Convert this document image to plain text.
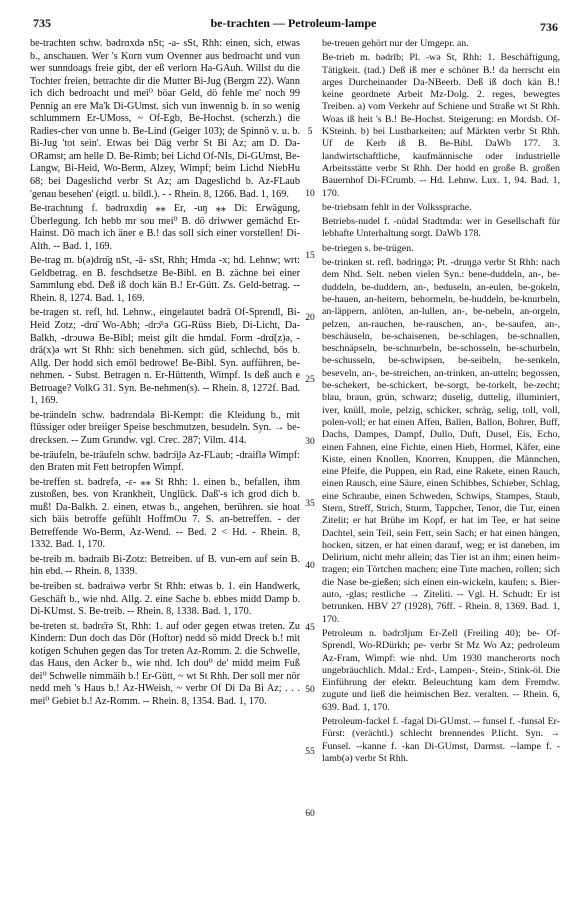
735	be-trachten — Petroleum-lampe	736
5
10
15
20
25
30
35
40
45
50
55
60
be-trachten schw. bədrɑxdə nSt; -a- sSt, Rhh: einen, sich, etwas b., anschauen. Wer 's Korn vum Ovenner aus bedroacht und vun wer sunndoags freie gibt, der eß verlorn Ha-GAuh. Willst du die Tochter freien, betrachte dir die Mutter Bi-Jug (Bergm 22). Wann ich dich bedroacht und mei⁰ böar Geld, dö fehle me' noch 99 Pennig an ere Ma'k Di-GUmst. sich vun inwennig b. in so wenig schlummern Er-UMoss, ~ Of-Egb, Be-Hochst. (scherzh.) die Radies-cher von unne b. Be-Lind (Geiger 103); de Spinnö v. u. b. Bi-Jug 'tot sein'. Etwas bei Däg verbr St Bi Az; am D. Da-ORamst; am helle D. Be-Rimb; bei Lichd Of-NIs, Di-GUmst, Be-Langw, Bi-Heid, Wo-Berm, Alzey, Wimpf; beim Lichd NiebHu 68; bei Dageslichd verbr St Az; am Dageslichd b. Az-FLaub 'genau besehen' (eigtl. u. bildl.). - - Rhein. 8, 1266. Bad. 1, 169.
Be-trachtung f. bədrɑxdiŋ ⁎⁎ Er, -uŋ ⁎⁎ Di: Erwägung, Überlegung. Ich hebb mr sou mei⁰ B. dö driwwer gemächd Er-Hainst. Dö mach ich äner e B.! das soll sich einer vorstellen! Di-Alth. -- Bad. 1, 169.
Be-trag m. b(ə)drɑ̄g nSt, -ā- sSt, Rhh; Hmda -x; hd. Lehnw; wrt: Geldbetrag. en B. feschdsetze Be-Bibl. en B. zächne bei einer Sammlung ebd. Deß iß doch kän B.! Er-Gütt. Zs. Geld-betrag. -- Rhein. 8, 1274. Bad. 1, 169.
be-tragen st. refl, hd. Lehnw., eingelautet bədrā Of-Sprendl, Bi-Heid Zotz; -drɑ̄ Wo-Abh; -drɔ̄ᵛə GG-Rüss Bieb, Di-Licht, Da-Balkh, -drɔuwə Be-Bibl; meist gilt die hmdal. Form -drɑ̄(z)ə, -drā(x)ə wrt St Rhh: sich benehmen. sich güd, schlechd, bös b. Allg. Der hodd sich emöl bedrowe! Be-Bibl. Syn. aufführen, be-nehmen. - Subst. Betragen n. Er-Hüttenth, Wimpf. Is deß auch e Betroage? VolkG 31. Syn. Be-nehmen(s). -- Rhein. 8, 1272f. Bad. 1, 169.
be-trändeln schw. bədrɛndələ Bi-Kempt: die Kleidung b., mit flüssiger oder breiiger Speise beschmutzen, besudeln. Syn. → be-drecksen. -- Zum Grundw. vgl. Crec. 287; Vilm. 414.
be-träufeln, be-träufeln schw. bədrɔ̄ɪ̯lə Az-FLaub; -draiflə Wimpf: den Braten mit Fett betropfen Wimpf.
be-treffen st. bədrefə, -ɛ- ⁎⁎ St Rhh: 1. einen b., befallen, ihm zustoßen, bes. von Krankheit, Unglück. Daß'-s ich grod dich b. muß! Da-Balkh. 2. einen, etwas b., angehen, berühren. sie hoat sich bäis betroffe gefühlt HoffmOu 7. S. an-betreffen. - der Betreffende Wo-Berm, Az-Wend. -- Bed. 2 < Hd. - Rhein. 8, 1332. Bad. 1, 170.
be-treib m. bədraib Bi-Zotz: Betreiben. uf B. vun-em auf sein B. hin ebd. -- Rhein. 8, 1339.
be-treiben st. bədraiwə verbr St Rhh: etwas b. 1. ein Handwerk, Geschäft b., wie nhd. Allg. 2. eine Sache b. ebbes midd Damp b. Di-KUmst. S. Be-treib. -- Rhein. 8, 1338. Bad. 1, 170.
be-treten st. bədrɛ̄rə St, Rhh: 1. auf oder gegen etwas treten. Zu Kindern: Dun doch das Dör (Hoftor) nedd sö midd Dreck b.! mit kotigen Schuhen gegen das Tor treten Az-Romm. 2. die Schwelle, das Haus, den Acker b., wie nhd. Ich dou⁰ de' midd meim Fuß dei⁰ Schwelle nimmäih b.! Er-Gütt, ~ wt St Rhh. Der soll mer nör nedd meh 's Haus b.! Az-HWeish, ~ verbr Of Di Da Bi Az; . . . mei⁰ Gebiet b.! Az-Romm. -- Rhein. 8, 1354. Bad. 1, 170.
be-treuen gehört nur der Umgepr. an.
Be-trieb m. bədrīb; Pl. -wə St, Rhh: 1. Beschäftigung, Tätigkeit. (tad.) Deß iß mer e schöner B.! da herrscht ein arges Durcheinander Da-NBeerb. Deß iß doch kän B.! keine geordnete Arbeit Mz-Dolg. 2. reges, bewegtes Treiben. a) vom Verkehr auf Schiene und Straße wt St Rhh. Woas iß heit 's B.! Be-Hochst. Steigerung: en Mordsb. Of-KSteinh. b) bei Lustbarkeiten; auf Märkten verbr St Rhh. Uf de Kerb iß B. Be-Bibl. DaWb 177. 3. landwirtschaftliche, kaufmännische oder industrielle Arbeitsstätte verbr St Rhh. Der hodd en große B. großen Bauernhof Di-FCrumb. -- Hd. Lehnw. Lux. 1, 94. Bad. 1, 170.
be-triebsam fehlt in der Volkssprache.
Betriebs-nudel f. -nüdəl Stadtmda: wer in Gesellschaft für lebhafte Unterhaltung sorgt. DaWb 178.
be-triegen s. be-trügen.
be-trinken st. refl. bədriŋgə; Pt. -druŋgə verbr St Rhh: nach dem Nhd. Selt. neben vielen Syn.: bene-duddeln, an-, be-duddeln, be-duddern, an-, beduseln, an-eulen, be-gokeln, be-hauen, an-heitern, behormeln, be-huddeln, be-knurbeln, an-läppern, anlöten, an-lullen, an-, be-nebeln, an-orgeln, pelzen, an-rauchen, be-rauschen, an-, be-saufen, an-, beschäuseln, be-schaisenen, be-schlagen, be-schnallen, beschnäpseln, be-schnurbeln, be-schosseln, be-schurbeln, be-schusseln, be-schwipsen, be-seibeln, be-senkeln, beseveln, an-, be-streichen, an-trinken, an-utteln; begossen, be-schekert, be-schickert, be-sorgt, be-torkelt, be-zecht; blau, braun, grün, schwarz; duselig, duttelig, illuminiert, iver, knüll, mole, pelzig, schicker, schräg, selig, toll, voll, polen-voll; er hat einen Affen, Ballen, Ballon, Bohrer, Buff, Dachs, Dampes, Dampf, Dullo, Duft, Dusel, Eis, Echo, einen Fahnen, eine Fichte, einen Hieb, Hormel, Käfer, eine Kiste, einen Knollen, Knorren, Knuppen, die Männchen, eine Pfeife, die Puppen, ein Rad, eine Rakete, einen Rauch, einen Rausch, eine Säure, einen Schibbes, Schieber, Schlag, eine Schraube, einen Schweden, Schwips, Stampes, Staub, Stern, Streff, Strich, Sturm, Tappcher, Tenor, die Tur, einen Zitelit; er hat Brühe im Kopf, er hat im Tee, er hat seine Dachtel, sein Teil, sein Fett, sein Sach; er hat einen hängen, hocken, sitzen, er hat einen darauf, weg; er ist daneben, im Delirium, nicht mehr allein; das Tier ist an ihm; einen heim-tragen; ein Törtchen machen; eine Tute machen, rollen; sich die Nase be-gießen; sich einen ein-wickeln, kaufen; s. Bier-auto, -glas; restliche → Ziteliti. -- Vgl. H. Schudt: Er ist betrunken. HBV 27 (1928), 76ff. - Rhein. 8, 1369. Bad. 1, 170.
Petroleum n. bədrɔ̄ljum Er-Zell (Freiling 40); be- Of-Sprendl, Wo-RDürkh; pe- verbr St Mz Wo Az; pedroleum Az-Fram, Wimpf: wie nhd. Um 1930 mancherorts noch ungebräuchlich. Mdal.: Erd-, Lampen-, Stein-, Stink-öl. Die Einführung der elektr. Beleuchtung kam dem Fremdw. zugute und ließ die heimischen Bez. veralten. -- Rhein. 6, 639. Bad. 1, 170.
Petroleum-fackel f. -fagəl Di-GUmst. -- funsel f. -funsəl Er-Fürst: (verächtl.) schlecht brennendes P.licht. Syn. → Funsel. --kanne f. -kan Di-GUmst, Darmst. --lampe f. -lamb(ə) verbr St Rhh.
